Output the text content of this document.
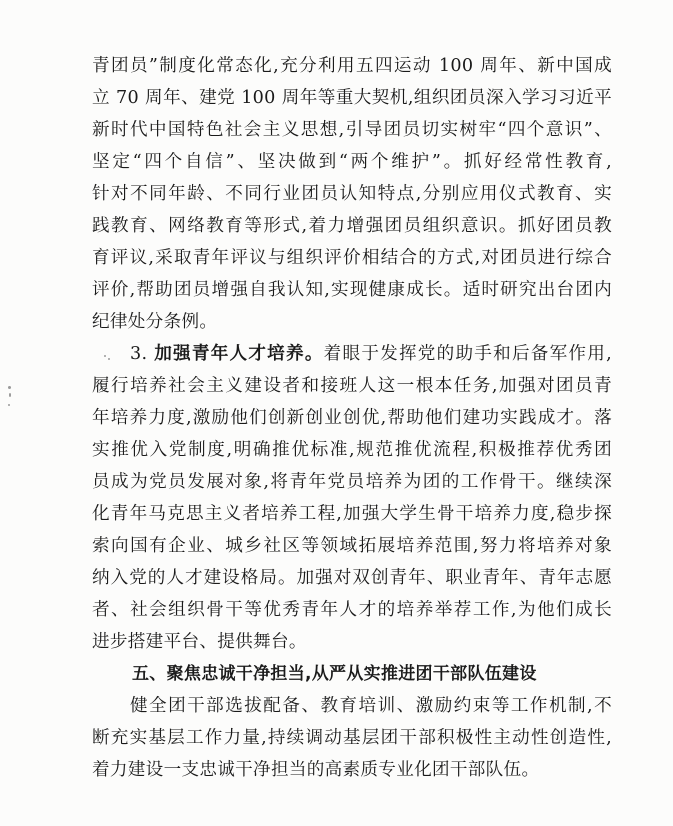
青团员”制度化常态化,充分利用五四运动 100 周年、新中国成
立 70 周年、建党 100 周年等重大契机,组织团员深入学习习近平
新时代中国特色社会主义思想,引导团员切实树牢“四个意识”、
坚定“四个自信”、坚决做到“两个维护”。抓好经常性教育,
针对不同年龄、不同行业团员认知特点,分别应用仪式教育、实
践教育、网络教育等形式,着力增强团员组织意识。抓好团员教
育评议,采取青年评议与组织评价相结合的方式,对团员进行综合
评价,帮助团员增强自我认知,实现健康成长。适时研究出台团内
纪律处分条例。
3. 加强青年人才培养。着眼于发挥党的助手和后备军作用,
履行培养社会主义建设者和接班人这一根本任务,加强对团员青
年培养力度,激励他们创新创业创优,帮助他们建功实践成才。落
实推优入党制度,明确推优标准,规范推优流程,积极推荐优秀团
员成为党员发展对象,将青年党员培养为团的工作骨干。继续深
化青年马克思主义者培养工程,加强大学生骨干培养力度,稳步探
索向国有企业、城乡社区等领域拓展培养范围,努力将培养对象
纳入党的人才建设格局。加强对双创青年、职业青年、青年志愿
者、社会组织骨干等优秀青年人才的培养举荐工作,为他们成长
进步搭建平台、提供舞台。
五、聚焦忠诚干净担当,从严从实推进团干部队伍建设
健全团干部选拔配备、教育培训、激励约束等工作机制,不
断充实基层工作力量,持续调动基层团干部积极性主动性创造性,
着力建设一支忠诚干净担当的高素质专业化团干部队伍。
